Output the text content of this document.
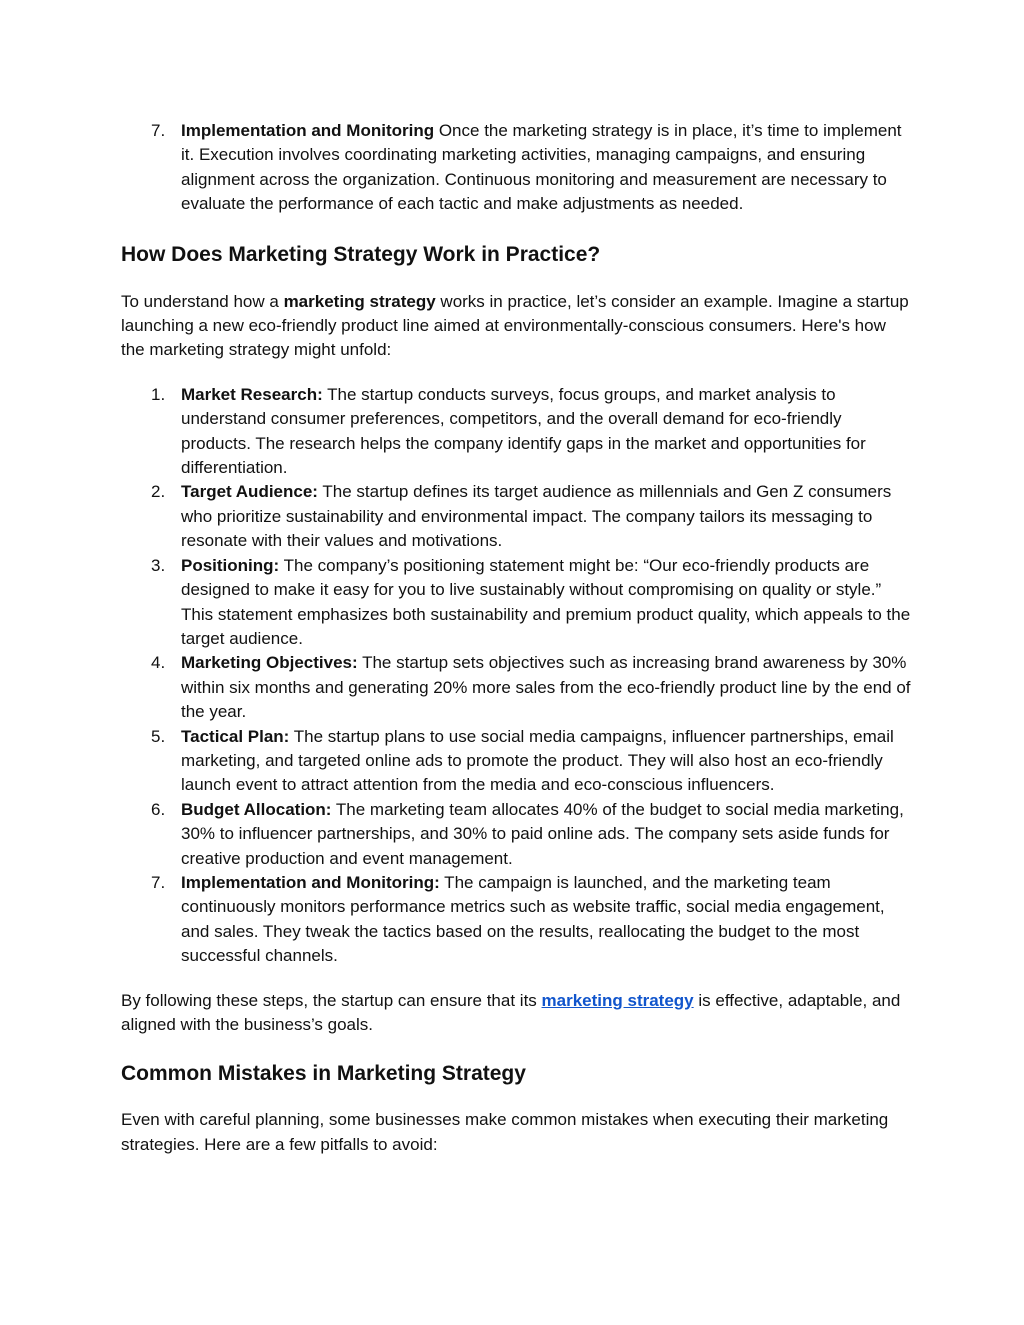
7. Implementation and Monitoring Once the marketing strategy is in place, it’s time to implement it. Execution involves coordinating marketing activities, managing campaigns, and ensuring alignment across the organization. Continuous monitoring and measurement are necessary to evaluate the performance of each tactic and make adjustments as needed.
How Does Marketing Strategy Work in Practice?

To understand how a marketing strategy works in practice, let’s consider an example. Imagine a startup launching a new eco-friendly product line aimed at environmentally-conscious consumers. Here's how the marketing strategy might unfold:

1. Market Research: The startup conducts surveys, focus groups, and market analysis to understand consumer preferences, competitors, and the overall demand for eco-friendly products. The research helps the company identify gaps in the market and opportunities for differentiation.
2. Target Audience: The startup defines its target audience as millennials and Gen Z consumers who prioritize sustainability and environmental impact. The company tailors its messaging to resonate with their values and motivations.
3. Positioning: The company’s positioning statement might be: “Our eco-friendly products are designed to make it easy for you to live sustainably without compromising on quality or style.” This statement emphasizes both sustainability and premium product quality, which appeals to the target audience.
4. Marketing Objectives: The startup sets objectives such as increasing brand awareness by 30% within six months and generating 20% more sales from the eco-friendly product line by the end of the year.
5. Tactical Plan: The startup plans to use social media campaigns, influencer partnerships, email marketing, and targeted online ads to promote the product. They will also host an eco-friendly launch event to attract attention from the media and eco-conscious influencers.
6. Budget Allocation: The marketing team allocates 40% of the budget to social media marketing, 30% to influencer partnerships, and 30% to paid online ads. The company sets aside funds for creative production and event management.
7. Implementation and Monitoring: The campaign is launched, and the marketing team continuously monitors performance metrics such as website traffic, social media engagement, and sales. They tweak the tactics based on the results, reallocating the budget to the most successful channels.

By following these steps, the startup can ensure that its marketing strategy is effective, adaptable, and aligned with the business’s goals.

Common Mistakes in Marketing Strategy

Even with careful planning, some businesses make common mistakes when executing their marketing strategies. Here are a few pitfalls to avoid:
